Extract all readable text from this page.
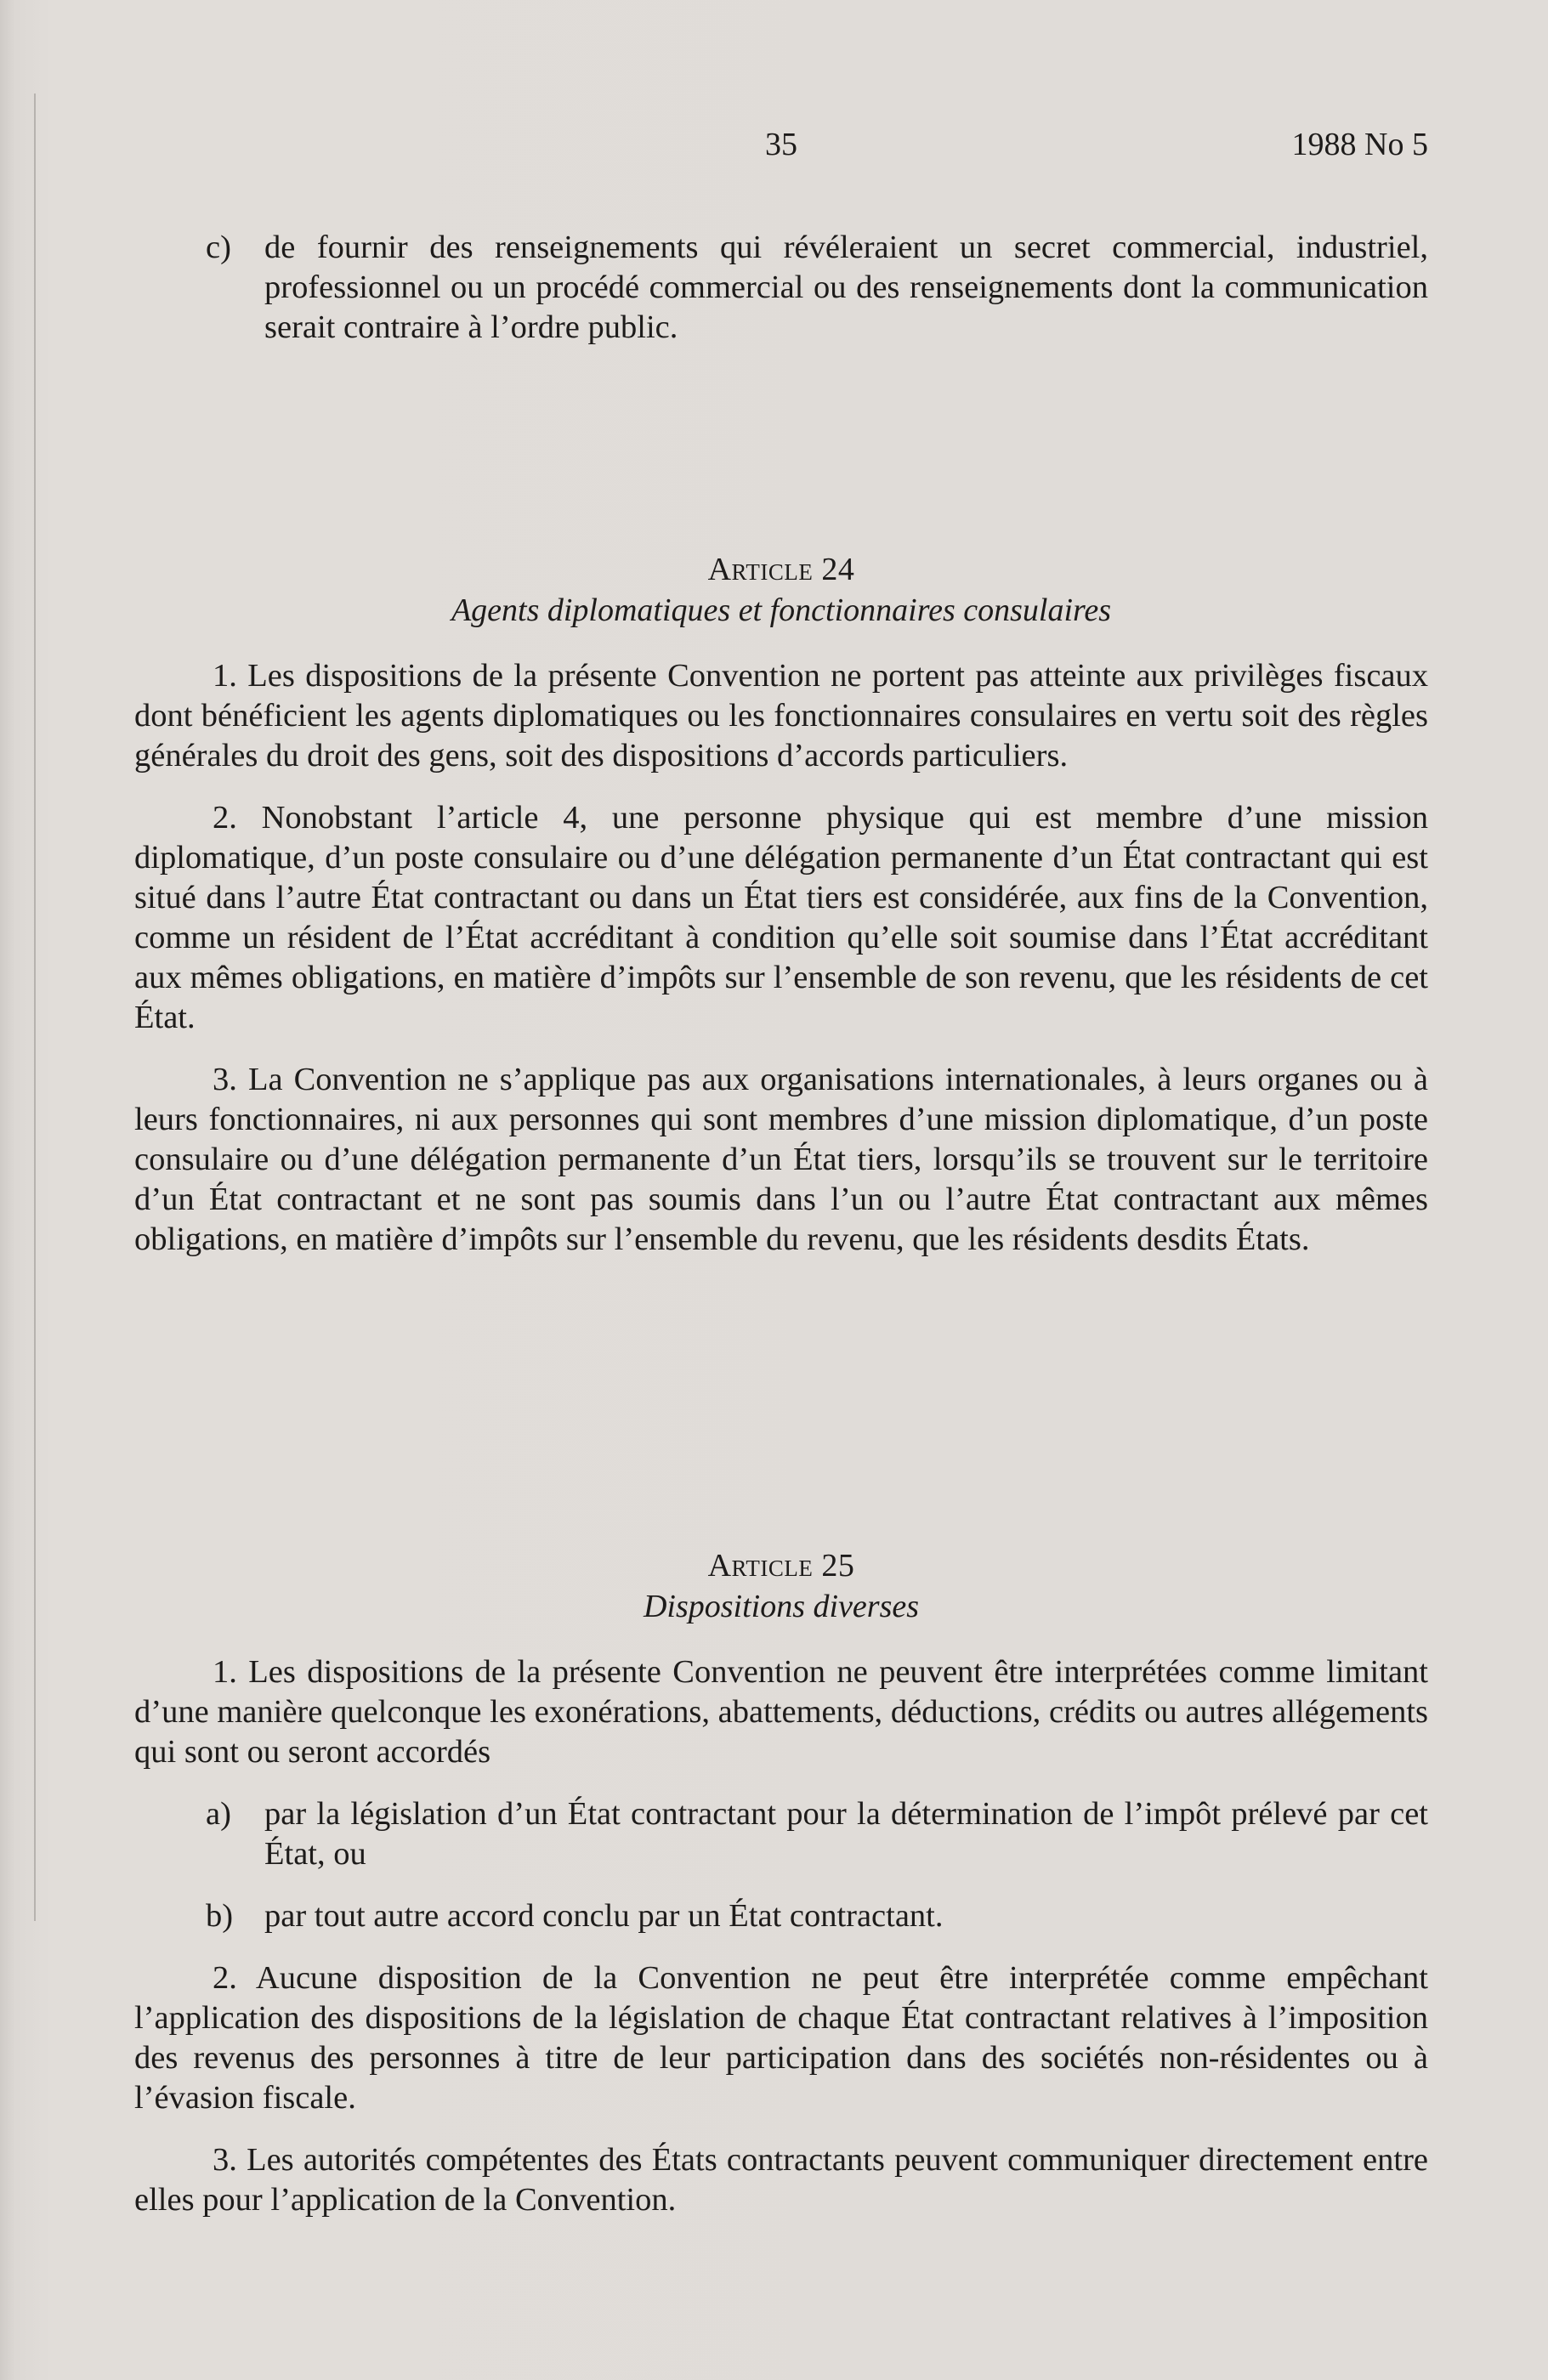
35	1988 No 5

c) de fournir des renseignements qui révéleraient un secret commercial, industriel, professionnel ou un procédé commercial ou des renseignements dont la communication serait contraire à l’ordre public.

Article 24
Agents diplomatiques et fonctionnaires consulaires

1. Les dispositions de la présente Convention ne portent pas atteinte aux privilèges fiscaux dont bénéficient les agents diplomatiques ou les fonctionnaires consulaires en vertu soit des règles générales du droit des gens, soit des dispositions d’accords particuliers.

2. Nonobstant l’article 4, une personne physique qui est membre d’une mission diplomatique, d’un poste consulaire ou d’une délégation permanente d’un État contractant qui est situé dans l’autre État contractant ou dans un État tiers est considérée, aux fins de la Convention, comme un résident de l’État accréditant à condition qu’elle soit soumise dans l’État accréditant aux mêmes obligations, en matière d’impôts sur l’ensemble de son revenu, que les résidents de cet État.

3. La Convention ne s’applique pas aux organisations internationales, à leurs organes ou à leurs fonctionnaires, ni aux personnes qui sont membres d’une mission diplomatique, d’un poste consulaire ou d’une délégation permanente d’un État tiers, lorsqu’ils se trouvent sur le territoire d’un État contractant et ne sont pas soumis dans l’un ou l’autre État contractant aux mêmes obligations, en matière d’impôts sur l’ensemble du revenu, que les résidents desdits États.

Article 25
Dispositions diverses

1. Les dispositions de la présente Convention ne peuvent être interprétées comme limitant d’une manière quelconque les exonérations, abattements, déductions, crédits ou autres allégements qui sont ou seront accordés

a) par la législation d’un État contractant pour la détermination de l’impôt prélevé par cet État, ou

b) par tout autre accord conclu par un État contractant.

2. Aucune disposition de la Convention ne peut être interprétée comme empêchant l’application des dispositions de la législation de chaque État contractant relatives à l’imposition des revenus des personnes à titre de leur participation dans des sociétés non-résidentes ou à l’évasion fiscale.

3. Les autorités compétentes des États contractants peuvent communiquer directement entre elles pour l’application de la Convention.
